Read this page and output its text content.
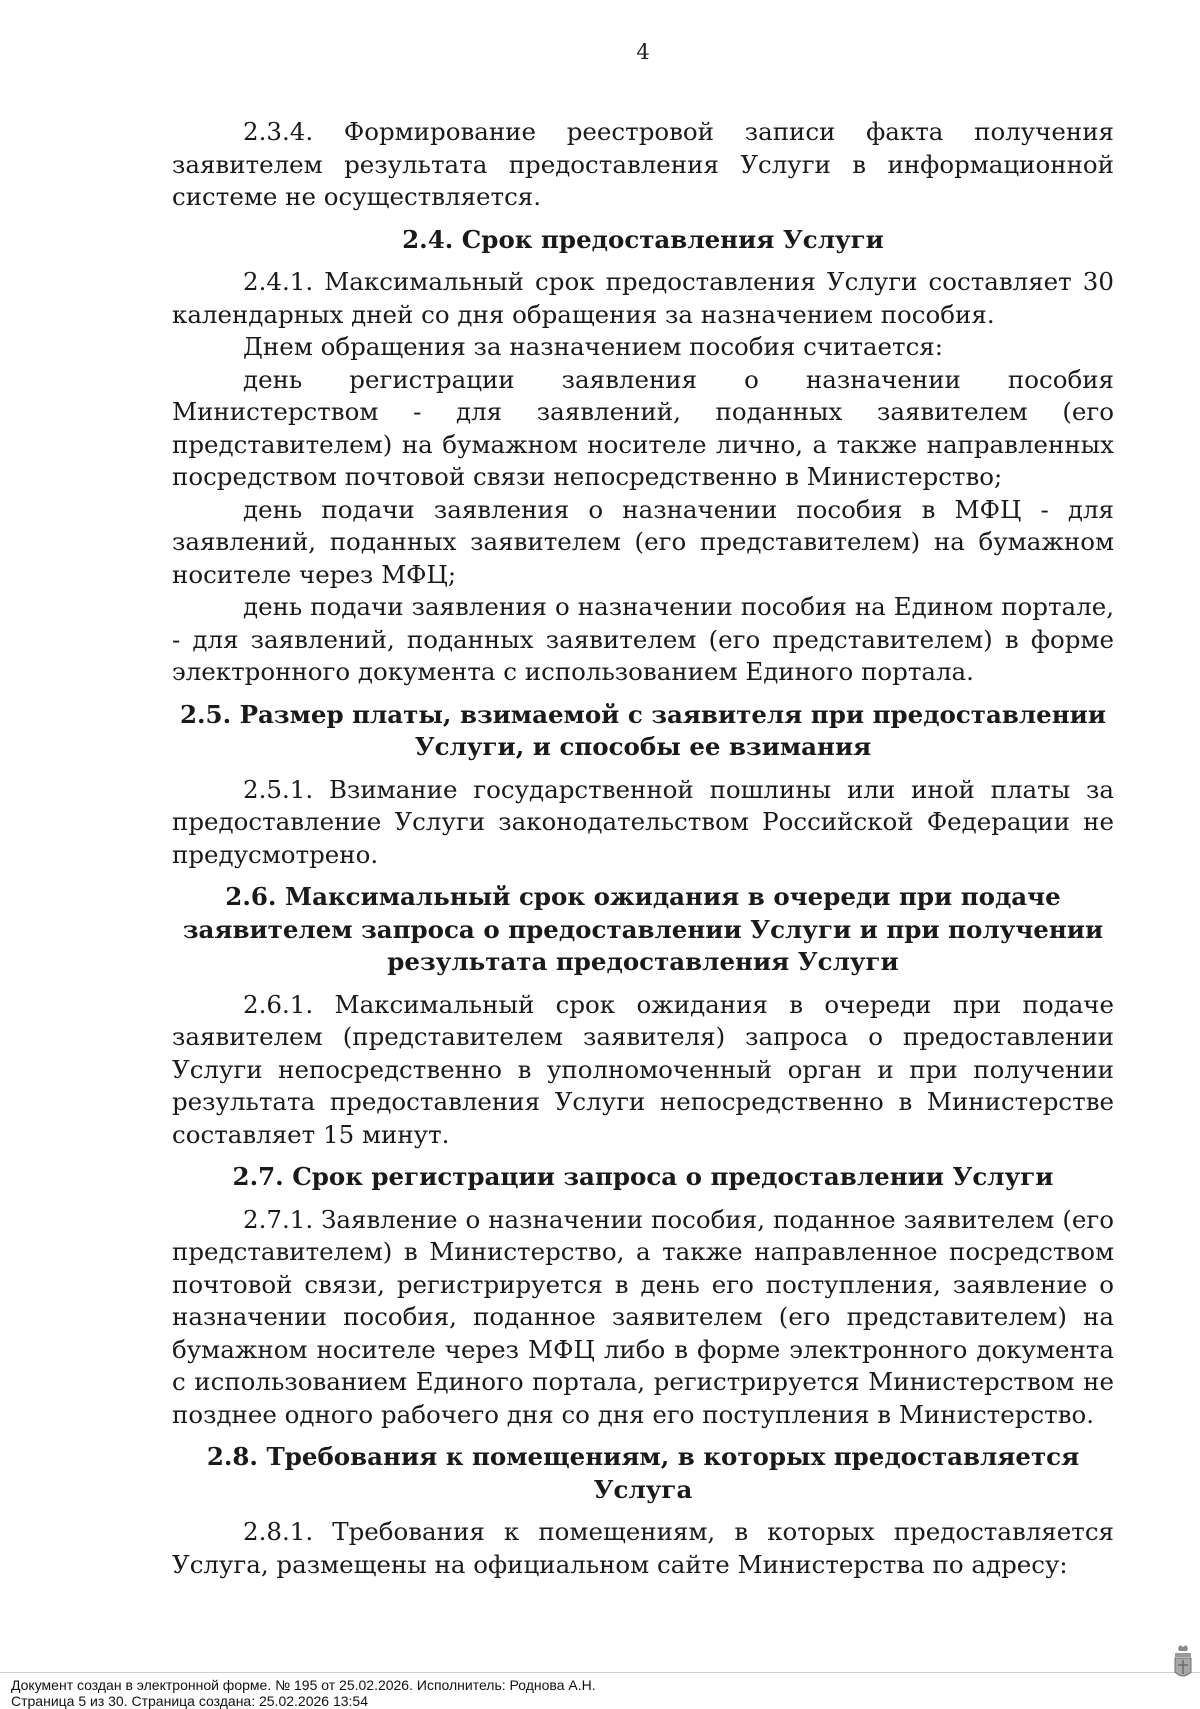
4

2.3.4. Формирование реестровой записи факта получения заявителем результата предоставления Услуги в информационной системе не осуществляется.

2.4. Срок предоставления Услуги

2.4.1. Максимальный срок предоставления Услуги составляет 30 календарных дней со дня обращения за назначением пособия.

Днем обращения за назначением пособия считается:

день регистрации заявления о назначении пособия Министерством - для заявлений, поданных заявителем (его представителем) на бумажном носителе лично, а также направленных посредством почтовой связи непосредственно в Министерство;

день подачи заявления о назначении пособия в МФЦ - для заявлений, поданных заявителем (его представителем) на бумажном носителе через МФЦ;

день подачи заявления о назначении пособия на Едином портале, - для заявлений, поданных заявителем (его представителем) в форме электронного документа с использованием Единого портала.

2.5. Размер платы, взимаемой с заявителя при предоставлении Услуги, и способы ее взимания

2.5.1. Взимание государственной пошлины или иной платы за предоставление Услуги законодательством Российской Федерации не предусмотрено.

2.6. Максимальный срок ожидания в очереди при подаче заявителем запроса о предоставлении Услуги и при получении результата предоставления Услуги

2.6.1. Максимальный срок ожидания в очереди при подаче заявителем (представителем заявителя) запроса о предоставлении Услуги непосредственно в уполномоченный орган и при получении результата предоставления Услуги непосредственно в Министерстве составляет 15 минут.

2.7. Срок регистрации запроса о предоставлении Услуги

2.7.1. Заявление о назначении пособия, поданное заявителем (его представителем) в Министерство, а также направленное посредством почтовой связи, регистрируется в день его поступления, заявление о назначении пособия, поданное заявителем (его представителем) на бумажном носителе через МФЦ либо в форме электронного документа с использованием Единого портала, регистрируется Министерством не позднее одного рабочего дня со дня его поступления в Министерство.

2.8. Требования к помещениям, в которых предоставляется Услуга

2.8.1. Требования к помещениям, в которых предоставляется Услуга, размещены на официальном сайте Министерства по адресу:

Документ создан в электронной форме. № 195 от 25.02.2026. Исполнитель: Роднова А.Н.
Страница 5 из 30. Страница создана: 25.02.2026 13:54
